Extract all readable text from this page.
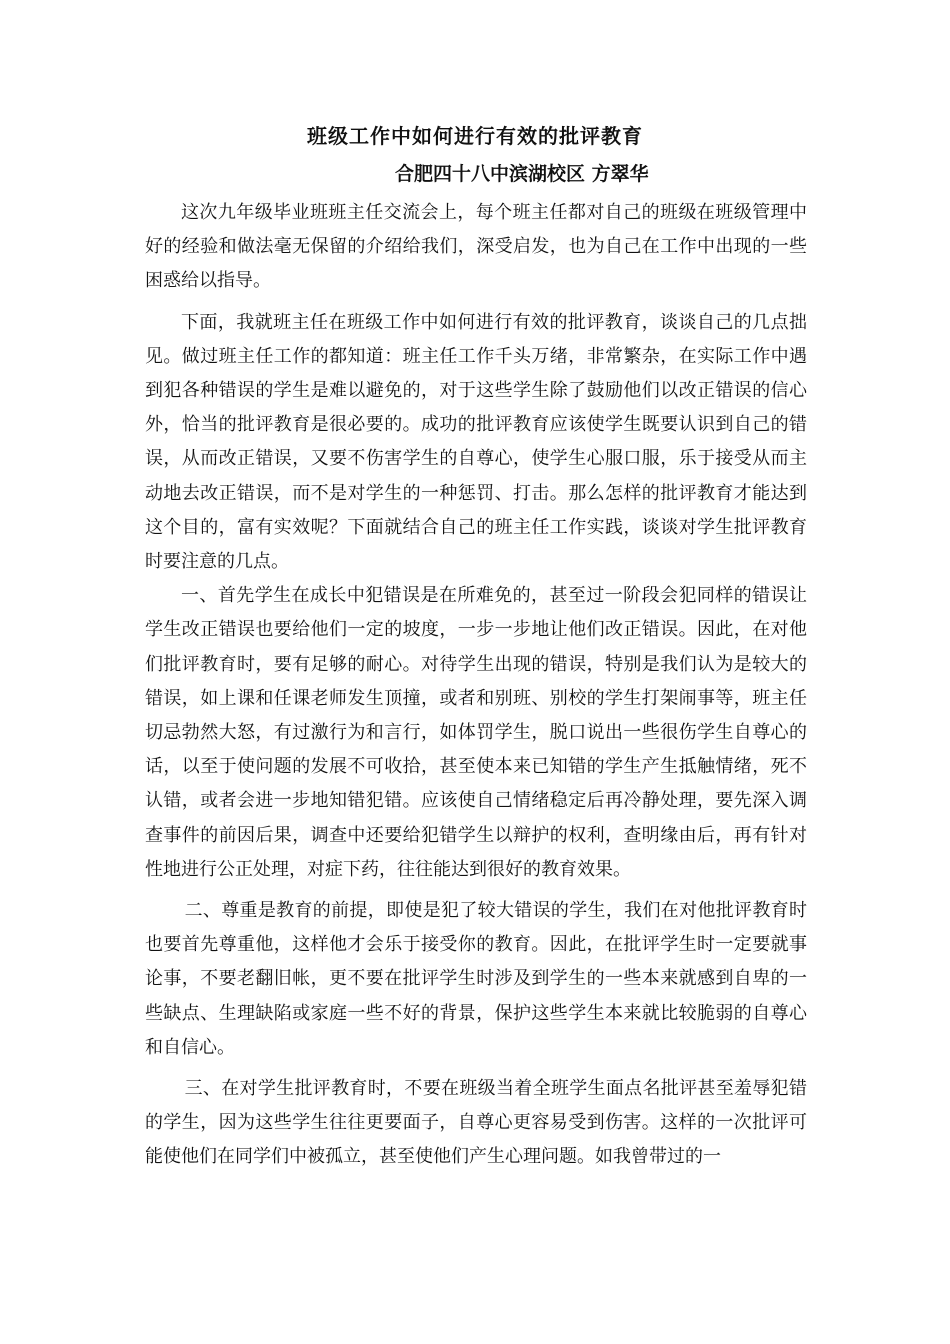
班级工作中如何进行有效的批评教育
合肥四十八中滨湖校区 方翠华

这次九年级毕业班班主任交流会上，每个班主任都对自己的班级在班级管理中好的经验和做法毫无保留的介绍给我们，深受启发，也为自己在工作中出现的一些困惑给以指导。

下面，我就班主任在班级工作中如何进行有效的批评教育，谈谈自己的几点拙见。做过班主任工作的都知道：班主任工作千头万绪，非常繁杂，在实际工作中遇到犯各种错误的学生是难以避免的，对于这些学生除了鼓励他们以改正错误的信心外，恰当的批评教育是很必要的。成功的批评教育应该使学生既要认识到自己的错误，从而改正错误，又要不伤害学生的自尊心，使学生心服口服，乐于接受从而主动地去改正错误，而不是对学生的一种惩罚、打击。那么怎样的批评教育才能达到这个目的，富有实效呢？下面就结合自己的班主任工作实践，谈谈对学生批评教育时要注意的几点。

一、首先学生在成长中犯错误是在所难免的，甚至过一阶段会犯同样的错误让学生改正错误也要给他们一定的坡度，一步一步地让他们改正错误。因此，在对他们批评教育时，要有足够的耐心。对待学生出现的错误，特别是我们认为是较大的错误，如上课和任课老师发生顶撞，或者和别班、别校的学生打架闹事等，班主任切忌勃然大怒，有过激行为和言行，如体罚学生，脱口说出一些很伤学生自尊心的话，以至于使问题的发展不可收拾，甚至使本来已知错的学生产生抵触情绪，死不认错，或者会进一步地知错犯错。应该使自己情绪稳定后再冷静处理，要先深入调查事件的前因后果，调查中还要给犯错学生以辩护的权利，查明缘由后，再有针对性地进行公正处理，对症下药，往往能达到很好的教育效果。

二、尊重是教育的前提，即使是犯了较大错误的学生，我们在对他批评教育时也要首先尊重他，这样他才会乐于接受你的教育。因此，在批评学生时一定要就事论事，不要老翻旧帐，更不要在批评学生时涉及到学生的一些本来就感到自卑的一些缺点、生理缺陷或家庭一些不好的背景，保护这些学生本来就比较脆弱的自尊心和自信心。

三、在对学生批评教育时，不要在班级当着全班学生面点名批评甚至羞辱犯错的学生，因为这些学生往往更要面子，自尊心更容易受到伤害。这样的一次批评可能使他们在同学们中被孤立，甚至使他们产生心理问题。如我曾带过的一
